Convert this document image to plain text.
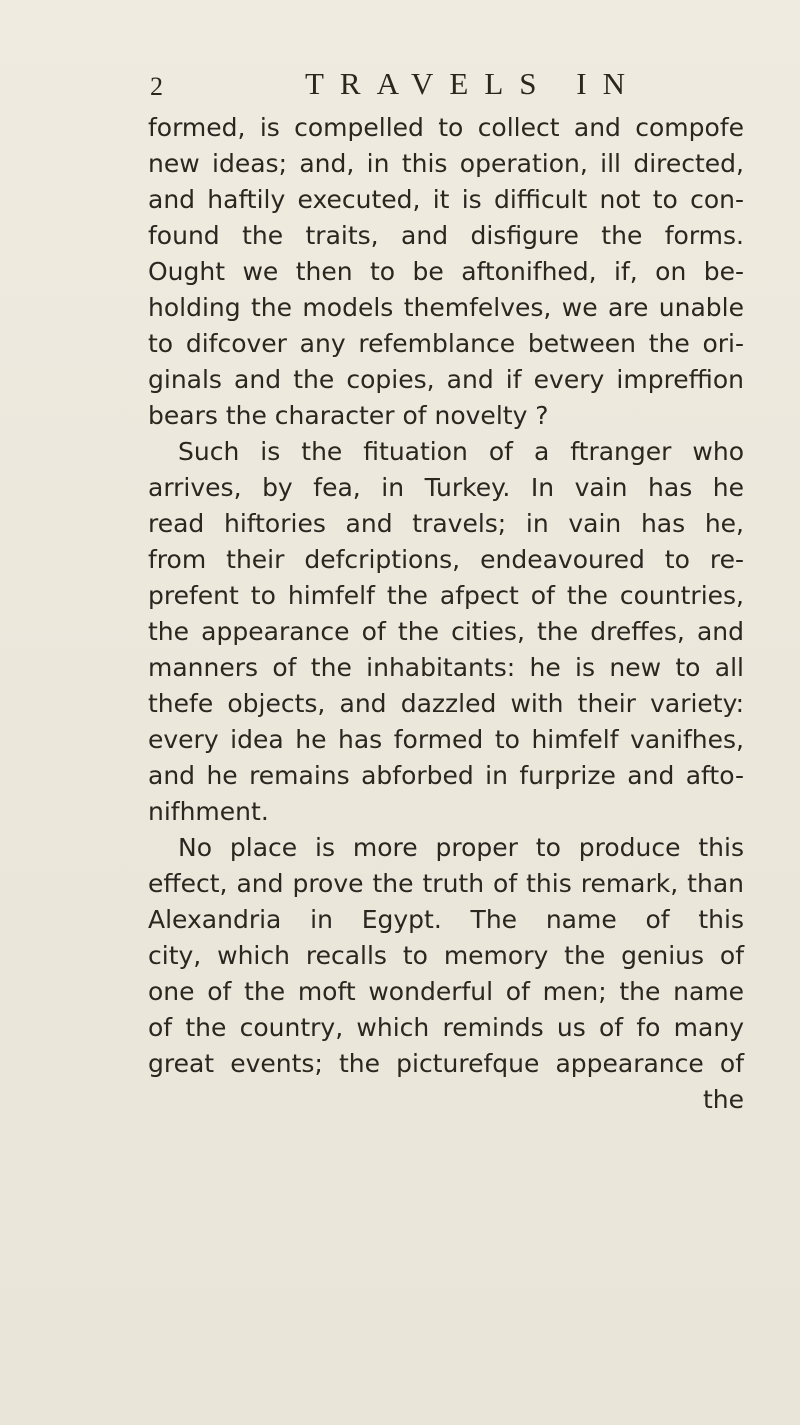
2	TRAVELS IN
formed, is compelled to collect and compofe
new ideas; and, in this operation, ill directed,
and haftily executed, it is difficult not to con-
found the traits, and disfigure the forms.
Ought we then to be aftonifhed, if, on be-
holding the models themfelves, we are unable
to difcover any refemblance between the ori-
ginals and the copies, and if every impreffion
bears the character of novelty ?
Such is the fituation of a ftranger who
arrives, by fea, in Turkey. In vain has he
read hiftories and travels; in vain has he,
from their defcriptions, endeavoured to re-
prefent to himfelf the afpect of the countries,
the appearance of the cities, the dreffes, and
manners of the inhabitants: he is new to all
thefe objects, and dazzled with their variety:
every idea he has formed to himfelf vanifhes,
and he remains abforbed in furprize and afto-
nifhment.
No place is more proper to produce this
effect, and prove the truth of this remark, than
Alexandria in Egypt. The name of this
city, which recalls to memory the genius of
one of the moft wonderful of men; the name
of the country, which reminds us of fo many
great events; the picturefque appearance of
the
